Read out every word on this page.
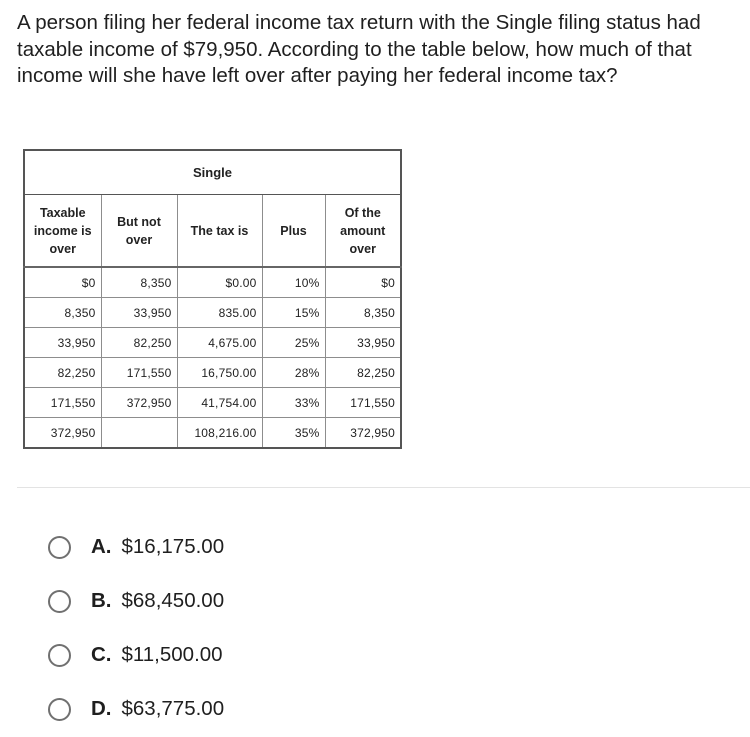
A person filing her federal income tax return with the Single filing status had taxable income of $79,950. According to the table below, how much of that income will she have left over after paying her federal income tax?

Single				
Taxable income is over	But not over	The tax is	Plus	Of the amount over
$0	8,350	$0.00	10%	$0
8,350	33,950	835.00	15%	8,350
33,950	82,250	4,675.00	25%	33,950
82,250	171,550	16,750.00	28%	82,250
171,550	372,950	41,754.00	33%	171,550
372,950		108,216.00	35%	372,950
A. $16,175.00
B. $68,450.00
C. $11,500.00
D. $63,775.00
